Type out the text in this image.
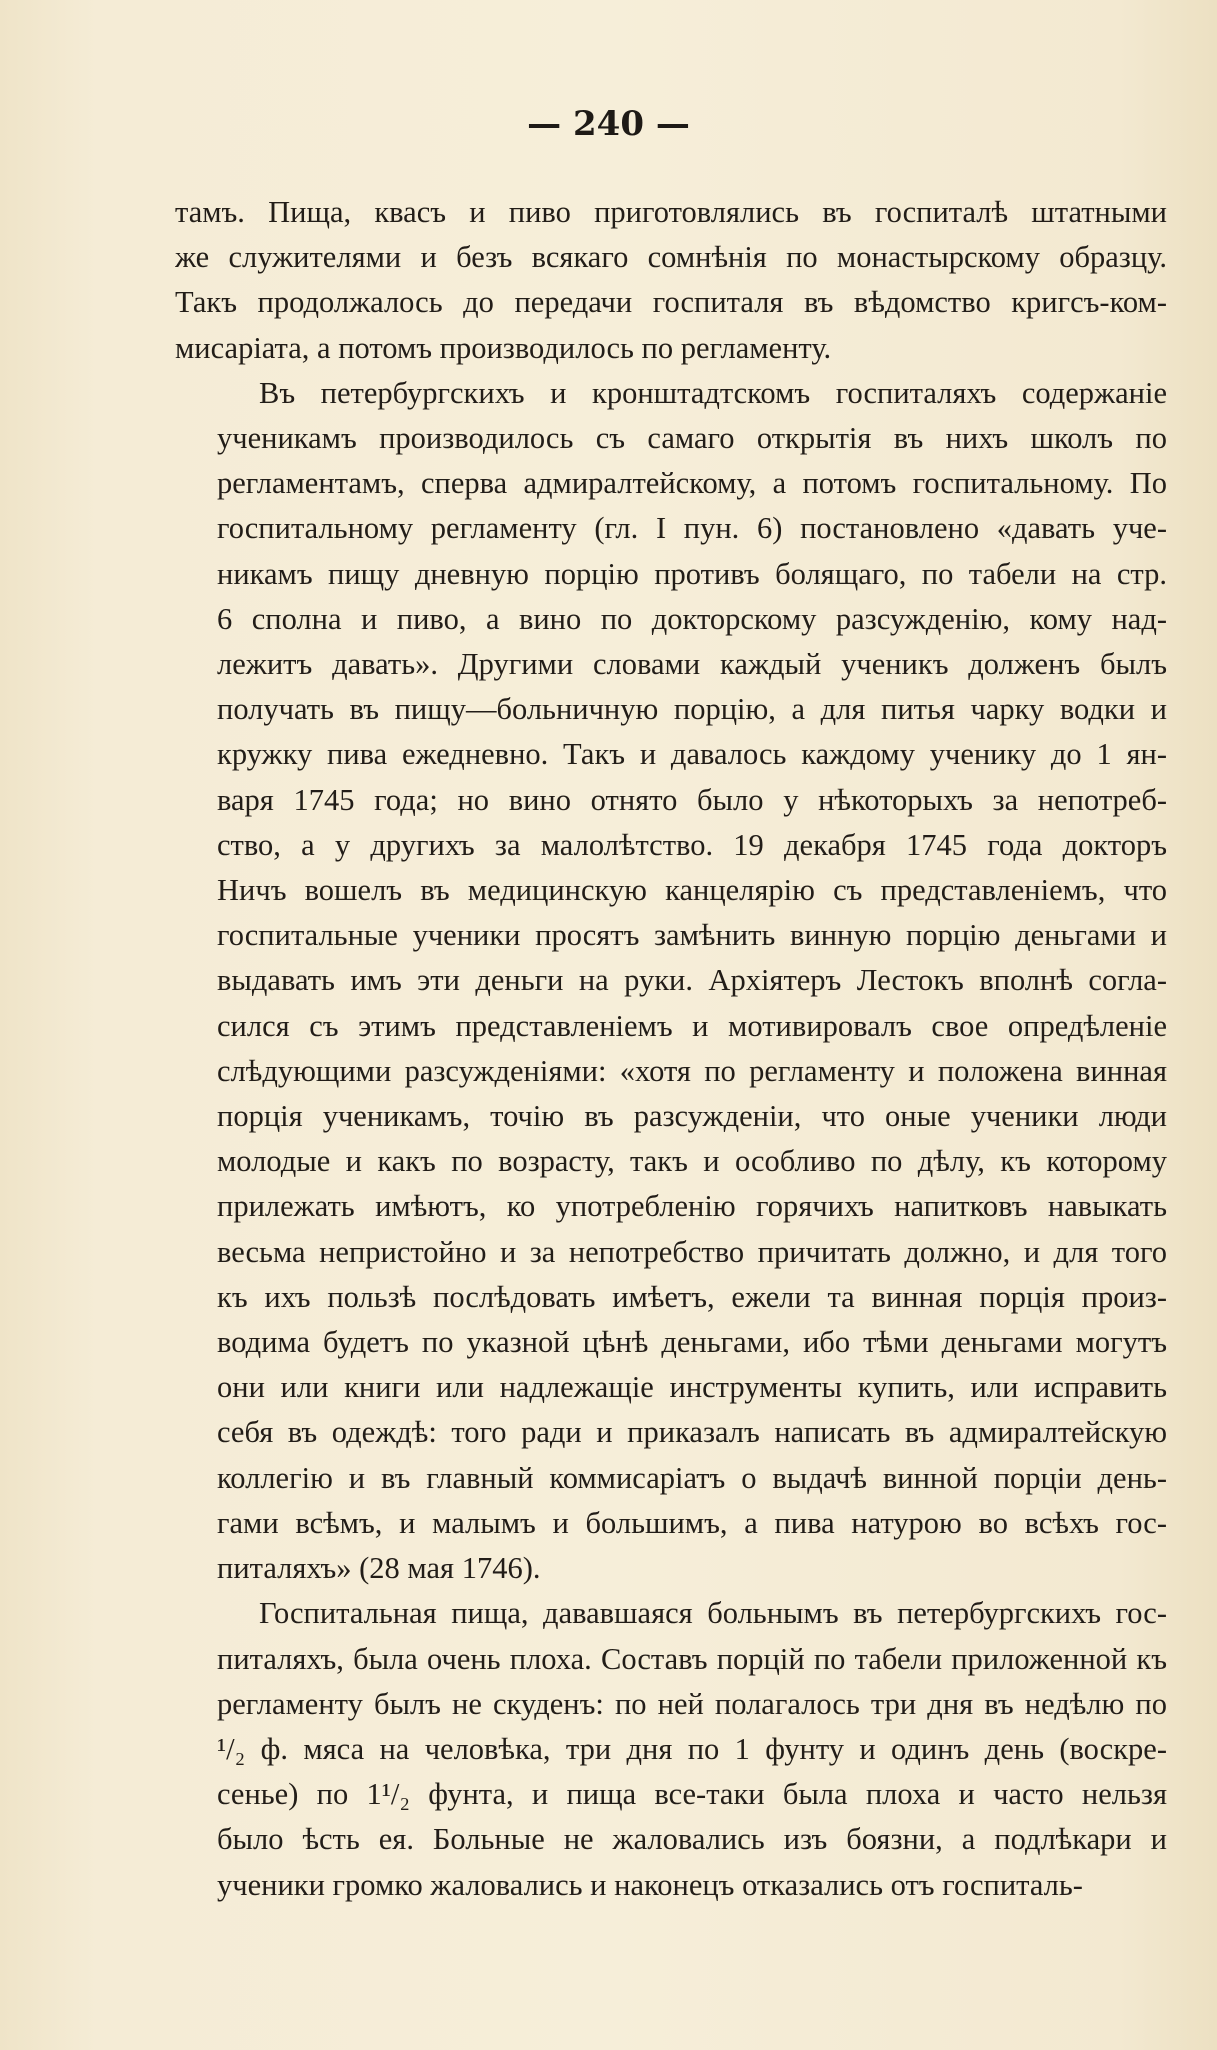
— 240 —
тамъ. Пища, квасъ и пиво приготовлялись въ госпиталѣ штатными
же служителями и безъ всякаго сомнѣнія по монастырскому образцу.
Такъ продолжалось до передачи госпиталя въ вѣдомство кригсъ-ком-
мисаріата, а потомъ производилось по регламенту.
Въ петербургскихъ и кронштадтскомъ госпиталяхъ содержаніе
ученикамъ производилось съ самаго открытія въ нихъ школъ по
регламентамъ, сперва адмиралтейскому, а потомъ госпитальному. По
госпитальному регламенту (гл. I пун. 6) постановлено «давать уче-
никамъ пищу дневную порцію противъ болящаго, по табели на стр.
6 сполна и пиво, а вино по докторскому разсужденію, кому над-
лежитъ давать». Другими словами каждый ученикъ долженъ былъ
получать въ пищу—больничную порцію, а для питья чарку водки и
кружку пива ежедневно. Такъ и давалось каждому ученику до 1 ян-
варя 1745 года; но вино отнято было у нѣкоторыхъ за непотреб-
ство, а у другихъ за малолѣтство. 19 декабря 1745 года докторъ
Ничъ вошелъ въ медицинскую канцелярію съ представленіемъ, что
госпитальные ученики просятъ замѣнить винную порцію деньгами и
выдавать имъ эти деньги на руки. Архіятеръ Лестокъ вполнѣ согла-
сился съ этимъ представленіемъ и мотивировалъ свое опредѣленіе
слѣдующими разсужденіями: «хотя по регламенту и положена винная
порція ученикамъ, точію въ разсужденіи, что оные ученики люди
молодые и какъ по возрасту, такъ и особливо по дѣлу, къ которому
прилежать имѣютъ, ко употребленію горячихъ напитковъ навыкать
весьма непристойно и за непотребство причитать должно, и для того
къ ихъ пользѣ послѣдовать имѣетъ, ежели та винная порція произ-
водима будетъ по указной цѣнѣ деньгами, ибо тѣми деньгами могутъ
они или книги или надлежащіе инструменты купить, или исправить
себя въ одеждѣ: того ради и приказалъ написать въ адмиралтейскую
коллегію и въ главный коммисаріатъ о выдачѣ винной порціи день-
гами всѣмъ, и малымъ и большимъ, а пива натурою во всѣхъ гос-
питаляхъ» (28 мая 1746).
Госпитальная пища, дававшаяся больнымъ въ петербургскихъ гос-
питаляхъ, была очень плоха. Составъ порцій по табели приложенной къ
регламенту былъ не скуденъ: по ней полагалось три дня въ недѣлю по
¹/₂ ф. мяса на человѣка, три дня по 1 фунту и одинъ день (воскре-
сенье) по 1¹/₂ фунта, и пища все-таки была плоха и часто нельзя
было ѣсть ея. Больные не жаловались изъ боязни, а подлѣкари и
ученики громко жаловались и наконецъ отказались отъ госпиталь-
